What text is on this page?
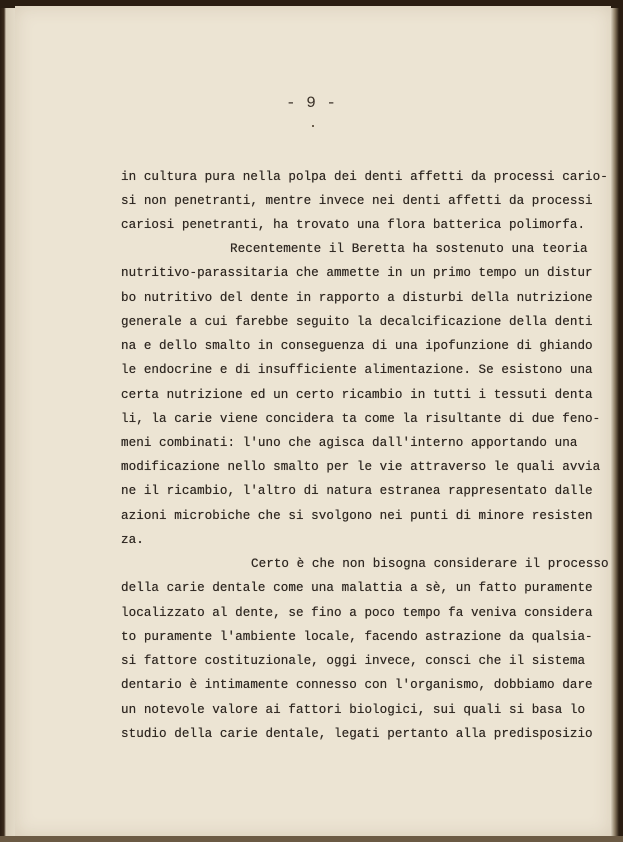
- 9 -
in cultura pura nella polpa dei denti affetti da processi cario-
si non penetranti, mentre invece nei denti affetti da processi
cariosi penetranti, ha trovato una flora batterica polimorfa.
Recentemente il Beretta ha sostenuto una teoria
nutritivo-parassitaria che ammette in un primo tempo un distur
bo nutritivo del dente in rapporto a disturbi della nutrizione
generale a cui farebbe seguito la decalcificazione della denti
na e dello smalto in conseguenza di una ipofunzione di ghiando
le endocrine e di insufficiente alimentazione. Se esistono una
certa nutrizione ed un certo ricambio in tutti i tessuti denta
li, la carie viene concidera ta come la risultante di due feno-
meni combinati: l'uno che agisca dall'interno apportando una
modificazione nello smalto per le vie attraverso le quali avvia
ne il ricambio, l'altro di natura estranea rappresentato dalle
azioni microbiche che si svolgono nei punti di minore resisten
za.
Certo è che non bisogna considerare il processo
della carie dentale come una malattia a sè, un fatto puramente
localizzato al dente, se fino a poco tempo fa veniva considera
to puramente l'ambiente locale, facendo astrazione da qualsia-
si fattore costituzionale, oggi invece, consci che il sistema
dentario è intimamente connesso con l'organismo, dobbiamo dare
un notevole valore ai fattori biologici, sui quali si basa lo
studio della carie dentale, legati pertanto alla predisposizio
